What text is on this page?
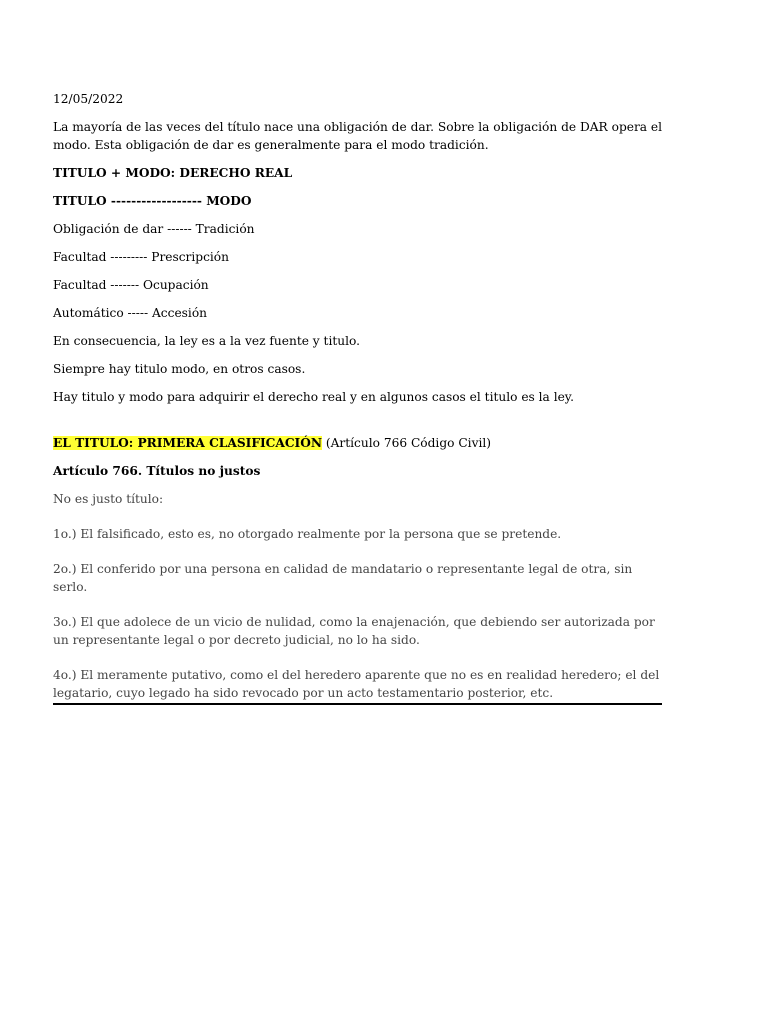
12/05/2022
La mayoría de las veces del título nace una obligación de dar. Sobre la obligación de DAR opera el modo. Esta obligación de dar es generalmente para el modo tradición.
TITULO + MODO: DERECHO REAL
TITULO ------------------ MODO
Obligación de dar ------ Tradición
Facultad --------- Prescripción
Facultad ------- Ocupación
Automático ----- Accesión
En consecuencia, la ley es a la vez fuente y titulo.
Siempre hay titulo modo, en otros casos.
Hay titulo y modo para adquirir el derecho real y en algunos casos el titulo es la ley.
EL TITULO: PRIMERA CLASIFICACIÓN (Artículo 766 Código Civil)
Artículo 766. Títulos no justos
No es justo título:
1o.) El falsificado, esto es, no otorgado realmente por la persona que se pretende.
2o.) El conferido por una persona en calidad de mandatario o representante legal de otra, sin serlo.
3o.) El que adolece de un vicio de nulidad, como la enajenación, que debiendo ser autorizada por un representante legal o por decreto judicial, no lo ha sido.
4o.) El meramente putativo, como el del heredero aparente que no es en realidad heredero; el del legatario, cuyo legado ha sido revocado por un acto testamentario posterior, etc.
